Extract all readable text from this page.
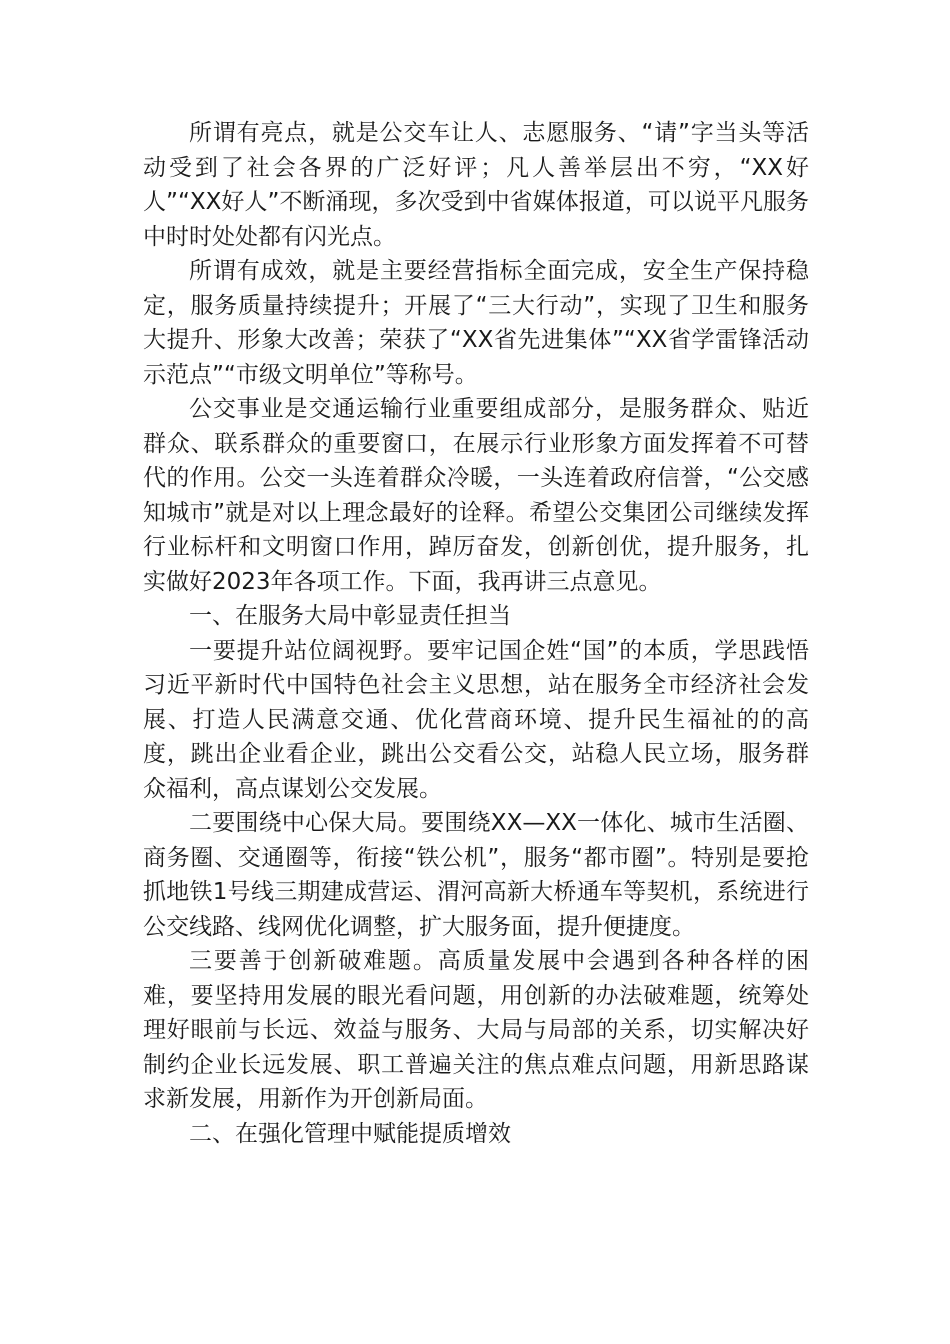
所谓有亮点，就是公交车让人、志愿服务、“请”字当头等活动受到了社会各界的广泛好评；凡人善举层出不穷，“XX好人”“XX好人”不断涌现，多次受到中省媒体报道，可以说平凡服务中时时处处都有闪光点。

所谓有成效，就是主要经营指标全面完成，安全生产保持稳定，服务质量持续提升；开展了“三大行动”，实现了卫生和服务大提升、形象大改善；荣获了“XX省先进集体”“XX省学雷锋活动示范点”“市级文明单位”等称号。

公交事业是交通运输行业重要组成部分，是服务群众、贴近群众、联系群众的重要窗口，在展示行业形象方面发挥着不可替代的作用。公交一头连着群众冷暖，一头连着政府信誉，“公交感知城市”就是对以上理念最好的诠释。希望公交集团公司继续发挥行业标杆和文明窗口作用，踔厉奋发，创新创优，提升服务，扎实做好2023年各项工作。下面，我再讲三点意见。

一、在服务大局中彰显责任担当

一要提升站位阔视野。要牢记国企姓“国”的本质，学思践悟习近平新时代中国特色社会主义思想，站在服务全市经济社会发展、打造人民满意交通、优化营商环境、提升民生福祉的的高度，跳出企业看企业，跳出公交看公交，站稳人民立场，服务群众福利，高点谋划公交发展。

二要围绕中心保大局。要围绕XX—XX一体化、城市生活圈、商务圈、交通圈等，衔接“铁公机”，服务“都市圈”。特别是要抢抓地铁1号线三期建成营运、渭河高新大桥通车等契机，系统进行公交线路、线网优化调整，扩大服务面，提升便捷度。

三要善于创新破难题。高质量发展中会遇到各种各样的困难，要坚持用发展的眼光看问题，用创新的办法破难题，统筹处理好眼前与长远、效益与服务、大局与局部的关系，切实解决好制约企业长远发展、职工普遍关注的焦点难点问题，用新思路谋求新发展，用新作为开创新局面。

二、在强化管理中赋能提质增效
